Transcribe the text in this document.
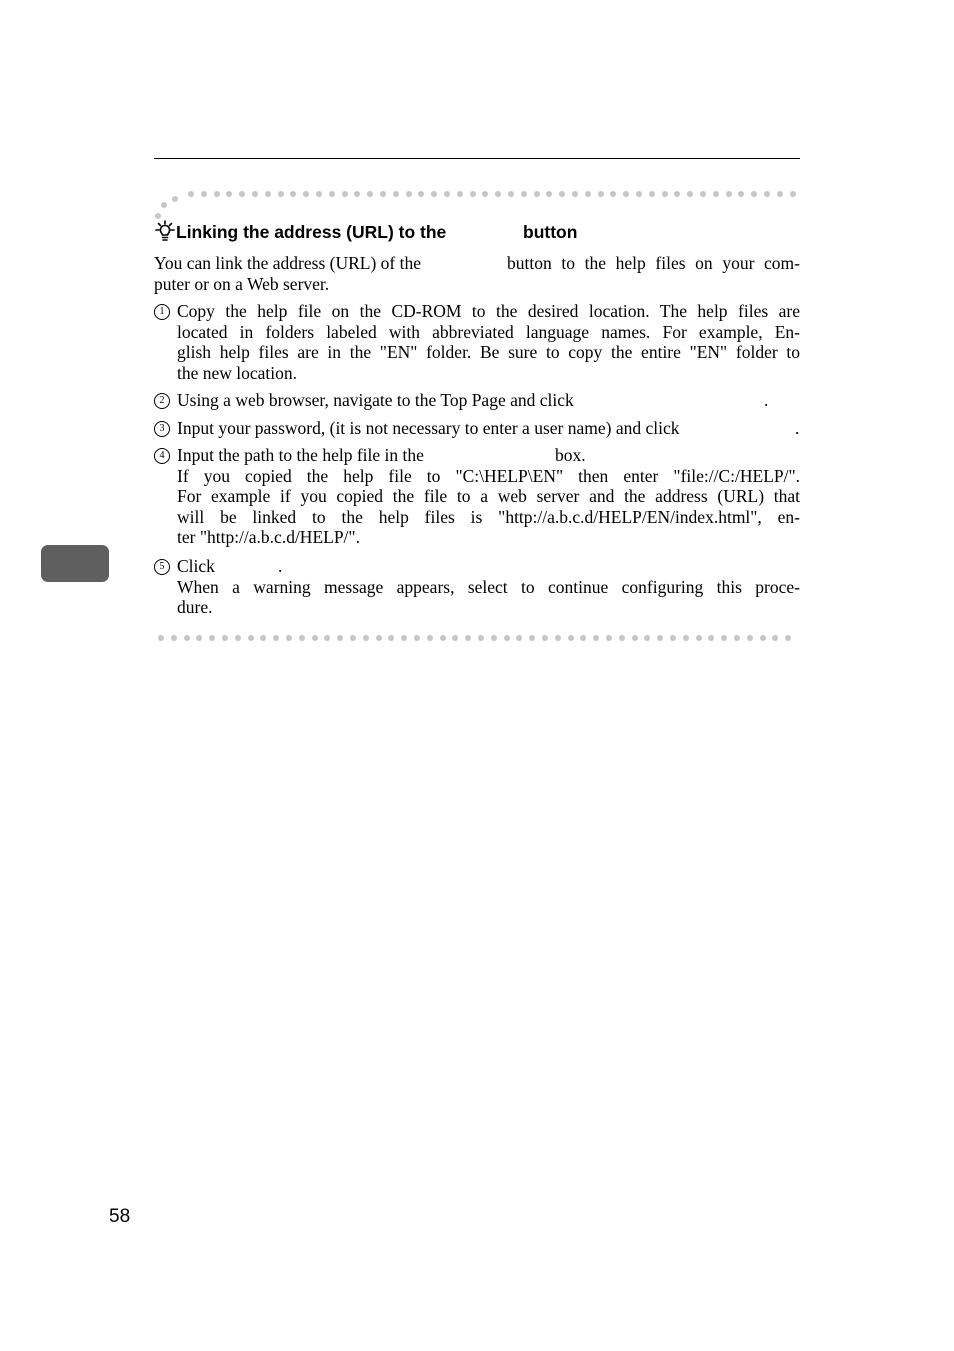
Linking the address (URL) to the	button
You can link the address (URL) of the	button to the help files on your com-
puter or on a Web server.
1 Copy the help file on the CD-ROM to the desired location. The help files are
located in folders labeled with abbreviated language names. For example, En-
glish help files are in the "EN" folder. Be sure to copy the entire "EN" folder to
the new location.
2 Using a web browser, navigate to the Top Page and click	.
3 Input your password, (it is not necessary to enter a user name) and click	.
4 Input the path to the help file in the	box.
If you copied the help file to "C:\HELP\EN" then enter "file://C:/HELP/".
For example if you copied the file to a web server and the address (URL) that
will be linked to the help files is "http://a.b.c.d/HELP/EN/index.html", en-
ter "http://a.b.c.d/HELP/".
5 Click	.
When a warning message appears, select to continue configuring this proce-
dure.
58
